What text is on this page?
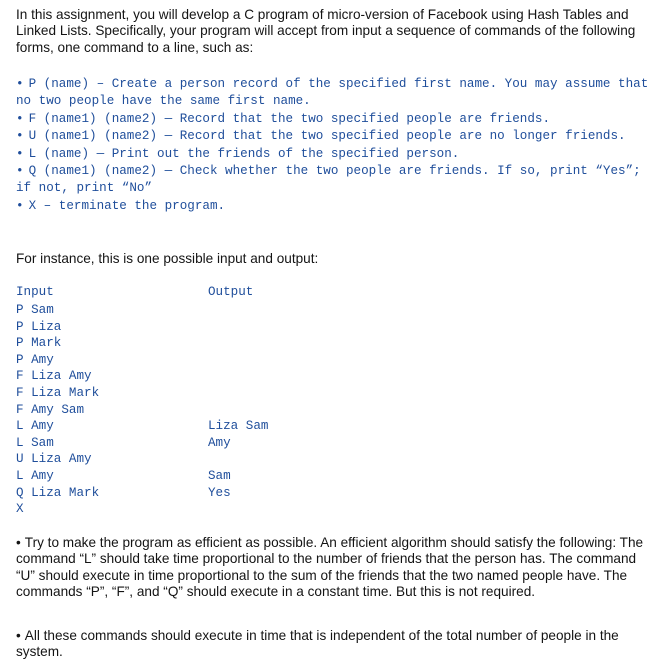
In this assignment, you will develop a C program of micro-version of Facebook using Hash Tables and Linked Lists. Specifically, your program will accept from input a sequence of commands of the following forms, one command to a line, such as:
• P (name) – Create a person record of the specified first name. You may assume that no two people have the same first name.
• F (name1) (name2) — Record that the two specified people are friends.
• U (name1) (name2) — Record that the two specified people are no longer friends.
• L (name) — Print out the friends of the specified person.
• Q (name1) (name2) — Check whether the two people are friends. If so, print “Yes”; if not, print “No”
• X – terminate the program.
For instance, this is one possible input and output:
Input	Output
P Sam
P Liza
P Mark
P Amy
F Liza Amy
F Liza Mark
F Amy Sam
L Amy
L Sam
U Liza Amy
L Amy
Q Liza Mark
X
Liza Sam
Amy
Sam
Yes
• Try to make the program as efficient as possible. An efficient algorithm should satisfy the following: The command “L” should take time proportional to the number of friends that the person has. The command “U” should execute in time proportional to the sum of the friends that the two named people have. The commands “P”, “F”, and “Q” should execute in a constant time. But this is not required.
• All these commands should execute in time that is independent of the total number of people in the system.
